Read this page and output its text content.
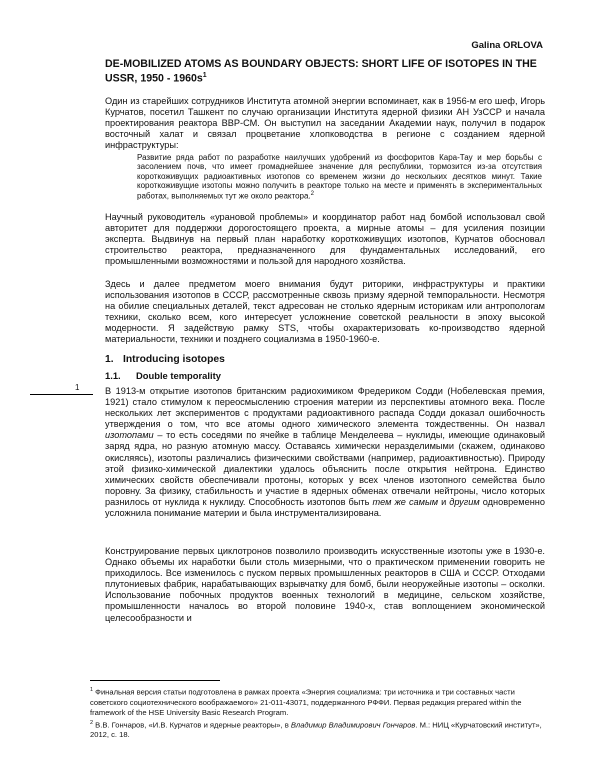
Galina ORLOVA
DE-MOBILIZED ATOMS AS BOUNDARY OBJECTS: SHORT LIFE OF ISOTOPES IN THE USSR, $1950 - 1960s^1$
Один из старейших сотрудников Института атомной энергии вспоминает, как в 1956-м его шеф, Игорь Курчатов, посетил Ташкент по случаю организации Института ядерной физики АН УзССР и начала проектирования реактора ВВР-СМ. Он выступил на заседании Академии наук, получил в подарок восточный халат и связал процветание хлопководства в регионе с созданием ядерной инфраструктуры:
Развитие ряда работ по разработке наилучших удобрений из фосфоритов Кара-Тау и мер борьбы с засолением почв, что имеет громаднейшее значение для республики, тормозится из-за отсутствия короткоживущих радиоактивных изотопов со временем жизни до нескольких десятков минут. Такие короткоживущие изотопы можно получить в реакторе только на месте и применять в экспериментальных работах, выполняемых тут же около реактора.$^2$
Научный руководитель «урановой проблемы» и координатор работ над бомбой использовал свой авторитет для поддержки дорогостоящего проекта, а мирные атомы – для усиления позиции эксперта. Выдвинув на первый план наработку короткоживущих изотопов, Курчатов обосновал строительство реактора, предназначенного для фундаментальных исследований, его промышленными возможностями и пользой для народного хозяйства.
Здесь и далее предметом моего внимания будут риторики, инфраструктуры и практики использования изотопов в СССР, рассмотренные сквозь призму ядерной темпоральности. Несмотря на обилие специальных деталей, текст адресован не столько ядерным историкам или антропологам техники, сколько всем, кого интересует усложнение советской реальности в эпоху высокой модерности. Я задействую рамку STS, чтобы охарактеризовать ко-производство ядерной материальности, техники и позднего социализма в 1950-1960-е.
1. Introducing isotopes
1.1. Double temporality
1	В 1913-м открытие изотопов британским радиохимиком Фредериком Содди (Нобелевская премия, 1921) стало стимулом к переосмыслению строения материи из перспективы атомного века. После нескольких лет экспериментов с продуктами радиоактивного распада Содди доказал ошибочность утверждения о том, что все атомы одного химического элемента тождественны. Он назвал изотопами – то есть соседями по ячейке в таблице Менделеева – нуклиды, имеющие одинаковый заряд ядра, но разную атомную массу. Оставаясь химически неразделимыми (скажем, одинаково окисляясь), изотопы различались физическими свойствами (например, радиоактивностью). Природу этой физико-химической диалектики удалось объяснить после открытия нейтрона. Единство химических свойств обеспечивали протоны, которых у всех членов изотопного семейства было поровну. За физику, стабильность и участие в ядерных обменах отвечали нейтроны, число которых разнилось от нуклида к нуклиду. Способность изотопов быть тем же самым и другим одновременно усложнила понимание материи и была инструментализирована.
Конструирование первых циклотронов позволило производить искусственные изотопы уже в 1930-е. Однако объемы их наработки были столь мизерными, что о практическом применении говорить не приходилось. Все изменилось с пуском первых промышленных реакторов в США и СССР. Отходами плутониевых фабрик, нарабатывающих взрывчатку для бомб, были неоружейные изотопы – осколки. Использование побочных продуктов военных технологий в медицине, сельском хозяйстве, промышленности началось во второй половине 1940-х, став воплощением экономической целесообразности и

$^1$ Финальная версия статьи подготовлена в рамках проекта «Энергия социализма: три источника и три составных части советского социотехнического воображаемого» 21-011-43071, поддержанного РФФИ. Первая редакция prepared within the framework of the HSE University Basic Research Program.

$^2$ В.В. Гончаров, «И.В. Курчатов и ядерные реакторы», в Владимир Владимирович Гончаров. М.: НИЦ «Курчатовский институт», 2012, с. 18.
